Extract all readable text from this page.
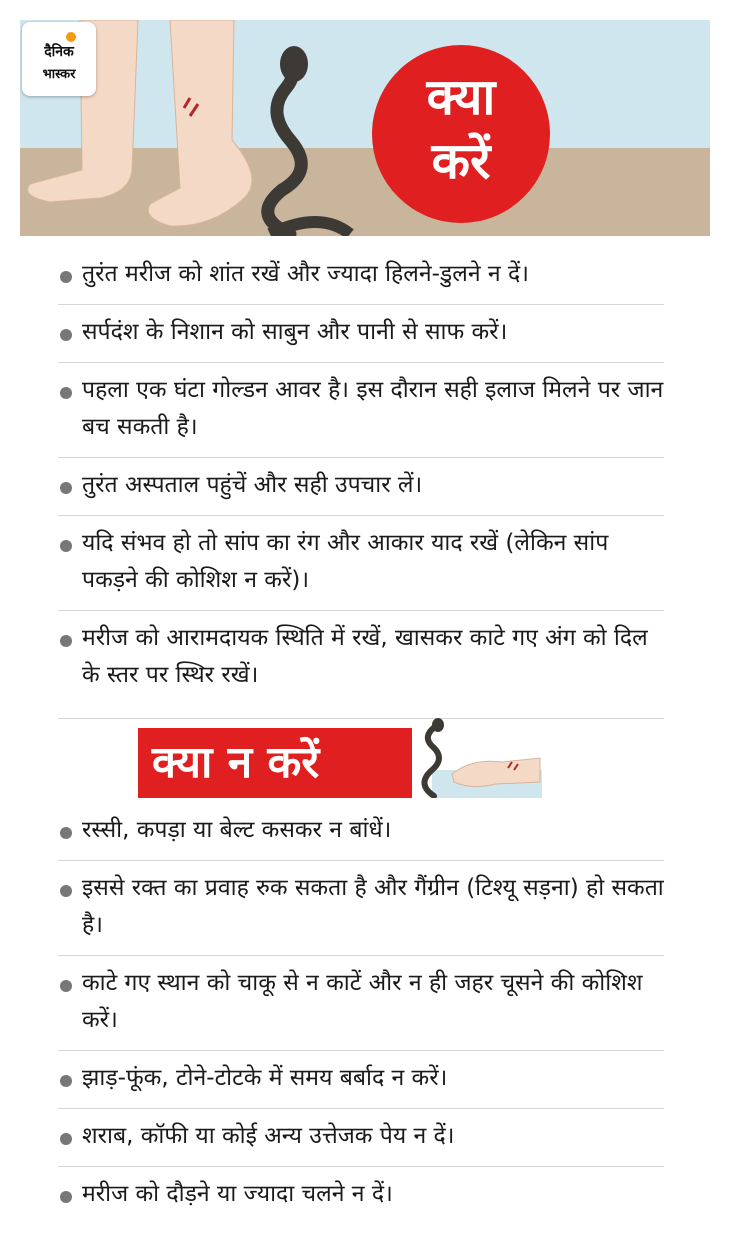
दैनिक
भास्कर	क्या
करें
तुरंत मरीज को शांत रखें और ज्यादा हिलने-डुलने न दें।
सर्पदंश के निशान को साबुन और पानी से साफ करें।
पहला एक घंटा गोल्डन आवर है। इस दौरान सही इलाज मिलने पर जान बच सकती है।
तुरंत अस्पताल पहुंचें और सही उपचार लें।
यदि संभव हो तो सांप का रंग और आकार याद रखें (लेकिन सांप पकड़ने की कोशिश न करें)।
मरीज को आरामदायक स्थिति में रखें, खासकर काटे गए अंग को दिल के स्तर पर स्थिर रखें।
क्या न करें
रस्सी, कपड़ा या बेल्ट कसकर न बांधें।
इससे रक्त का प्रवाह रुक सकता है और गैंग्रीन (टिश्यू सड़ना) हो सकता है।
काटे गए स्थान को चाकू से न काटें और न ही जहर चूसने की कोशिश करें।
झाड़-फूंक, टोने-टोटके में समय बर्बाद न करें।
शराब, कॉफी या कोई अन्य उत्तेजक पेय न दें।
मरीज को दौड़ने या ज्यादा चलने न दें।
